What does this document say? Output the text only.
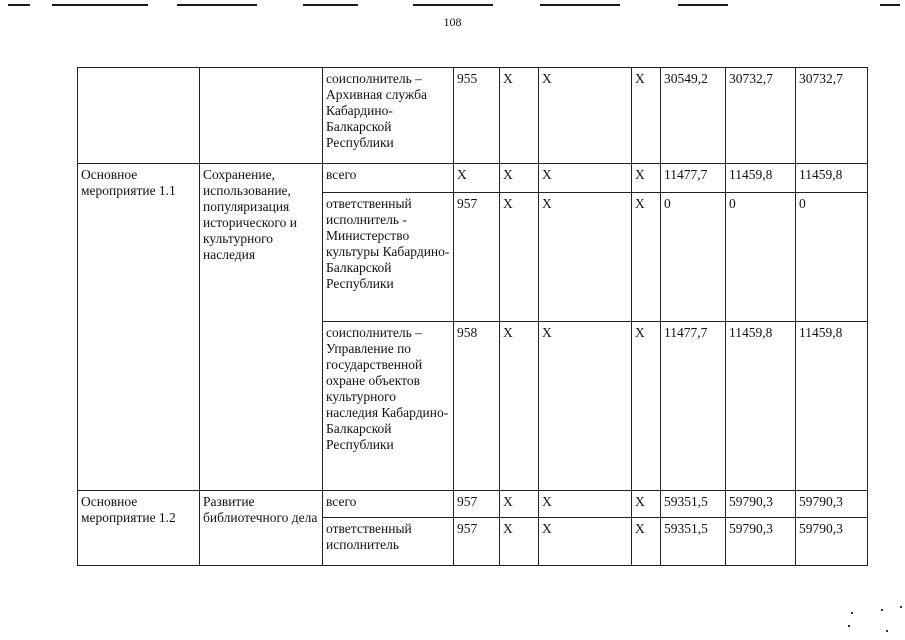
108
		соисполнитель – Архивная служба Кабардино-Балкарской Республики	955	Х	Х	Х	30549,2	30732,7	30732,7
Основное мероприятие 1.1	Сохранение, использование, популяризация исторического и культурного наследия	всего	Х	Х	Х	Х	11477,7	11459,8	11459,8
		ответственный исполнитель - Министерство культуры Кабардино-Балкарской Республики	957	Х	Х	Х	0	0	0
		соисполнитель – Управление по государственной охране объектов культурного наследия Кабардино-Балкарской Республики	958	Х	Х	Х	11477,7	11459,8	11459,8
Основное мероприятие 1.2	Развитие библиотечного дела	всего	957	Х	Х	Х	59351,5	59790,3	59790,3
		ответственный исполнитель	957	Х	Х	Х	59351,5	59790,3	59790,3
